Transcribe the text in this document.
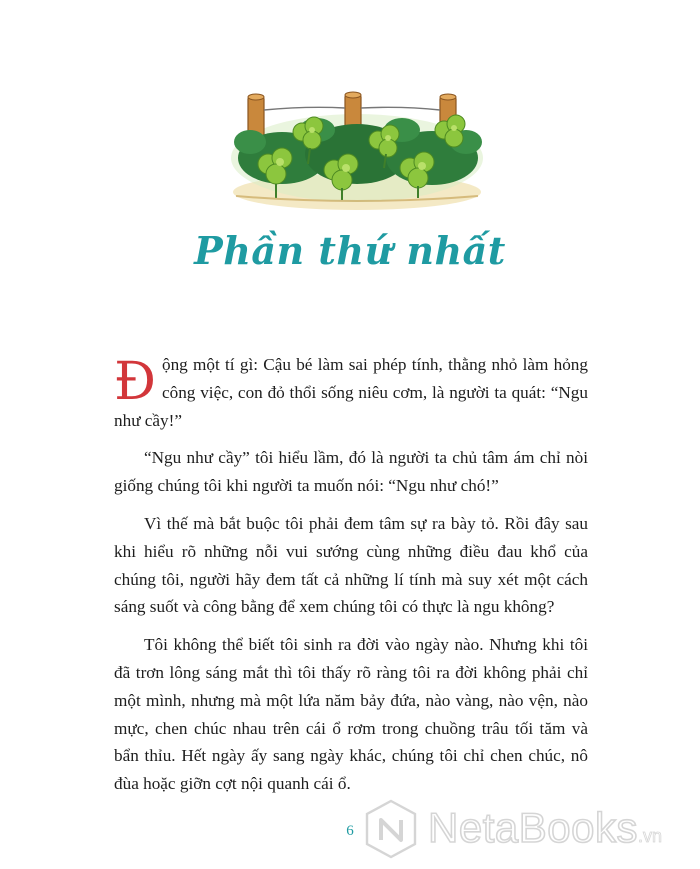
Phần thứ nhất

Động một tí gì: Cậu bé làm sai phép tính, thằng nhỏ làm hỏng công việc, con đỏ thổi sống niêu cơm, là người ta quát: “Ngu như cầy!”

“Ngu như cầy” tôi hiểu lầm, đó là người ta chủ tâm ám chỉ nòi giống chúng tôi khi người ta muốn nói: “Ngu như chó!”

Vì thế mà bắt buộc tôi phải đem tâm sự ra bày tỏ. Rồi đây sau khi hiểu rõ những nỗi vui sướng cùng những điều đau khổ của chúng tôi, người hãy đem tất cả những lí tính mà suy xét một cách sáng suốt và công bằng để xem chúng tôi có thực là ngu không?

Tôi không thể biết tôi sinh ra đời vào ngày nào. Nhưng khi tôi đã trơn lông sáng mắt thì tôi thấy rõ ràng tôi ra đời không phải chỉ một mình, nhưng mà một lứa năm bảy đứa, nào vàng, nào vện, nào mực, chen chúc nhau trên cái ổ rơm trong chuồng trâu tối tăm và bẩn thỉu. Hết ngày ấy sang ngày khác, chúng tôi chỉ chen chúc, nô đùa hoặc giỡn cợt nội quanh cái ổ.

6	NetaBooks.vn
